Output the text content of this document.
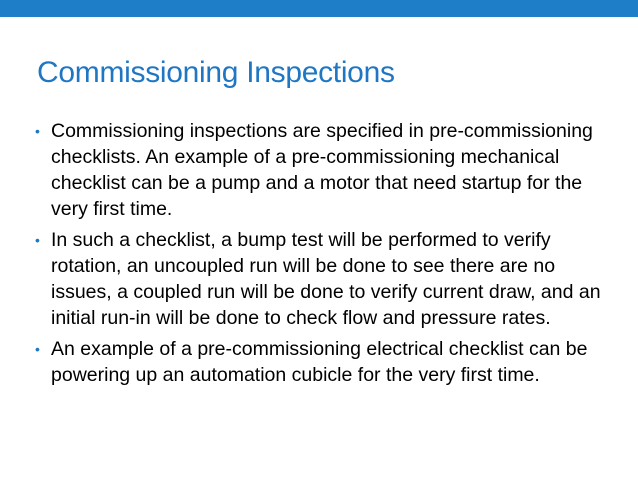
Commissioning Inspections
• Commissioning inspections are specified in pre-commissioning checklists. An example of a pre-commissioning mechanical checklist can be a pump and a motor that need startup for the very first time.
• In such a checklist, a bump test will be performed to verify rotation, an uncoupled run will be done to see there are no issues, a coupled run will be done to verify current draw, and an initial run-in will be done to check flow and pressure rates.
• An example of a pre-commissioning electrical checklist can be powering up an automation cubicle for the very first time.
